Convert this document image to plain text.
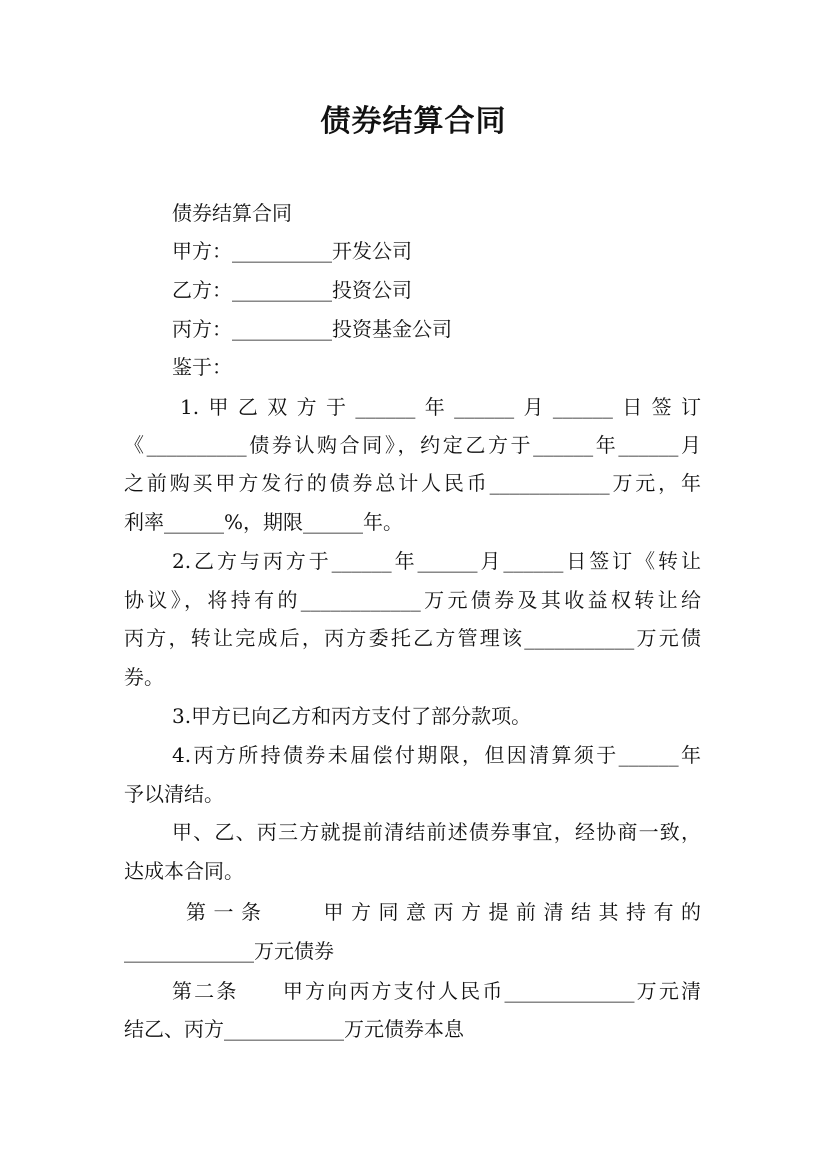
债券结算合同
债券结算合同
甲方：__________开发公司
乙方：__________投资公司
丙方：__________投资基金公司
鉴于：
1.甲乙双方于______年______月______日签订
《__________债券认购合同》，约定乙方于______年______月
之前购买甲方发行的债券总计人民币____________万元，年
利率______%，期限______年。
2.乙方与丙方于______年______月______日签订《转让
协议》，将持有的____________万元债券及其收益权转让给
丙方，转让完成后，丙方委托乙方管理该___________万元债
券。
3.甲方已向乙方和丙方支付了部分款项。
4.丙方所持债券未届偿付期限，但因清算须于______年
予以清结。
甲、乙、丙三方就提前清结前述债券事宜，经协商一致，
达成本合同。
第一条　　甲方同意丙方提前清结其持有的
_____________万元债券
第二条　　甲方向丙方支付人民币_____________万元清
结乙、丙方____________万元债券本息
